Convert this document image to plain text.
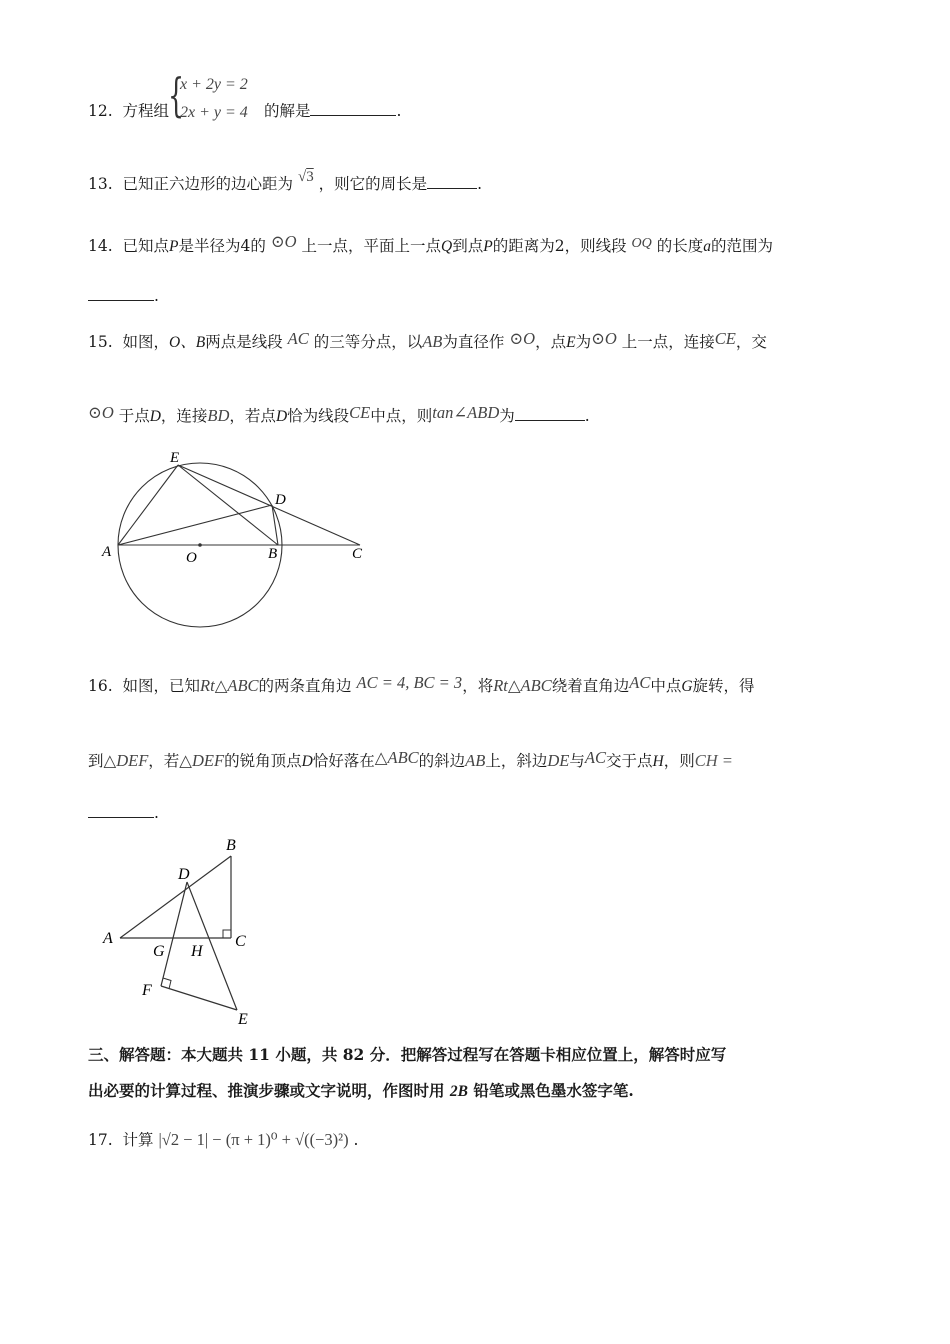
12. 方程组	的解是	.
{
x + 2y = 2
2x + y = 4
13. 已知正六边形的边心距为 √3 ，则它的周长是	.
14. 已知点P是半径为4的 ⊙O 上一点，平面上一点Q到点P的距离为2，则线段 OQ 的长度a的范围为
.
15. 如图，O、B两点是线段 AC 的三等分点，以AB为直径作 ⊙O，点E为⊙O 上一点，连接CE，交
⊙O 于点D，连接BD，若点D恰为线段CE中点，则tan∠ABD为	.
E
D
A	O	B	C
16. 如图，已知Rt△ABC的两条直角边 AC = 4, BC = 3，将Rt△ABC绕着直角边AC中点G旋转，得
到△DEF，若△DEF的锐角顶点D恰好落在△ABC的斜边AB上，斜边DE与AC交于点H，则CH =
.
B
D
A
G H
C
F
E
三、解答题：本大题共 11 小题，共 82 分．把解答过程写在答题卡相应位置上，解答时应写
出必要的计算过程、推演步骤或文字说明，作图时用 2B 铅笔或黑色墨水签字笔.
17. 计算 |√2 − 1| − (π + 1)⁰ + √((−3)²) .
